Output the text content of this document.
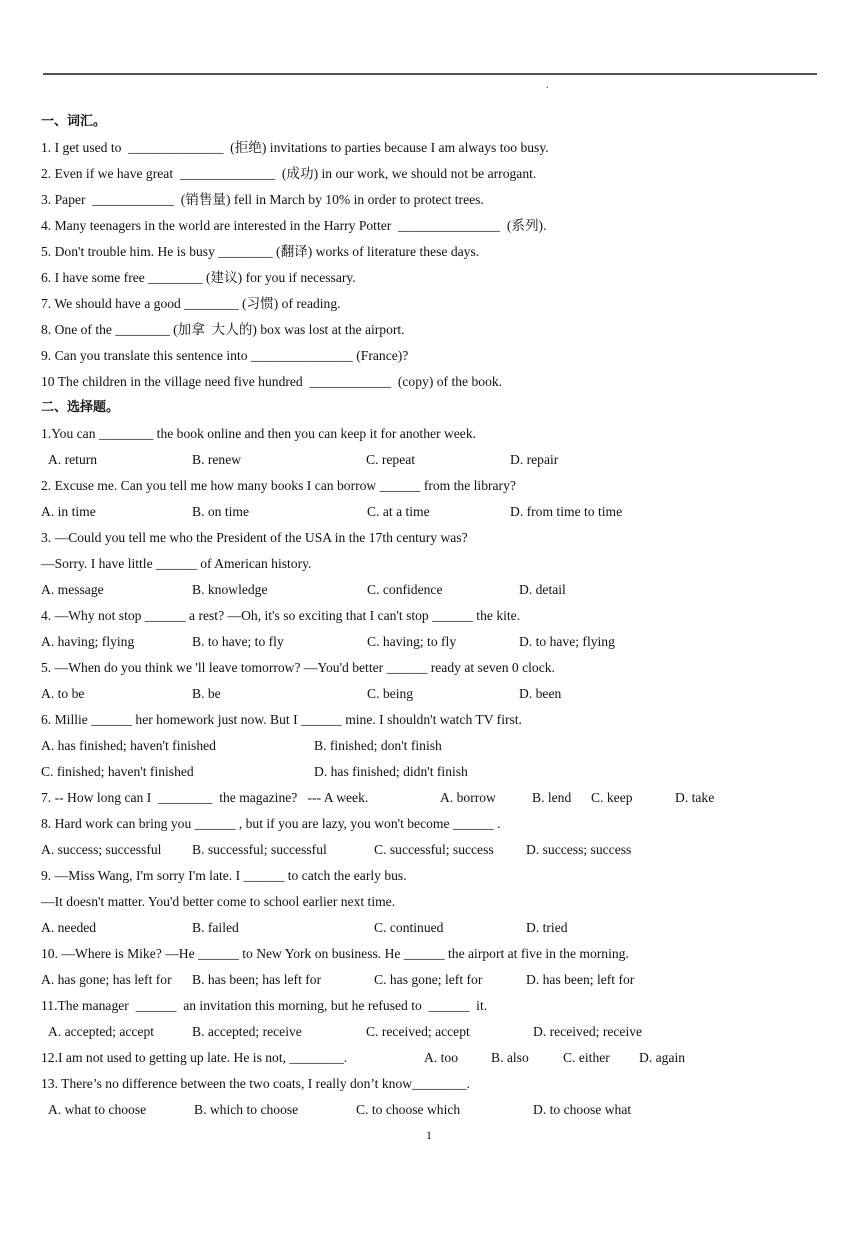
.
一、词汇。
1. I get used to  ______________  (拒绝) invitations to parties because I am always too busy.
2. Even if we have great  ______________  (成功) in our work, we should not be arrogant.
3. Paper  ____________  (销售量) fell in March by 10% in order to protect trees.
4. Many teenagers in the world are interested in the Harry Potter  _______________  (系列).
5. Don't trouble him. He is busy ________ (翻译) works of literature these days.
6. I have some free ________ (建议) for you if necessary.
7. We should have a good ________ (习惯) of reading.
8. One of the ________ (加拿  大人的) box was lost at the airport.
9. Can you translate this sentence into _______________ (France)?
10 The children in the village need five hundred  ____________  (copy) of the book.
二、选择题。
1.You can ________ the book online and then you can keep it for another week.

A. return

	B. renew

	C. repeat

	D. repair

2. Excuse me. Can you tell me how many books I can borrow ______ from the library?

A. in time

	B. on time

	C. at a time

	D. from time to time

3. —Could you tell me who the President of the USA in the 17th century was?
—Sorry. I have little ______ of American history.

A. message

	B. knowledge

	C. confidence

	D. detail

4. —Why not stop ______ a rest? —Oh, it's so exciting that I can't stop ______ the kite.

A. having; flying

	B. to have; to fly

	C. having; to fly

	D. to have; flying

5. —When do you think we 'll leave tomorrow? —You'd better ______ ready at seven 0 clock.

A. to be

	B. be

	C. being

	D. been

6. Millie ______ her homework just now. But I ______ mine. I shouldn't watch TV first.

A. has finished; haven't finished

	B. finished; don't finish

C. finished; haven't finished

	D. has finished; didn't finish

7. -- How long can I  ________  the magazine?   --- A week.

	A. borrow

	B. lend

C. keep

	D. take

8. Hard work can bring you ______ , but if you are lazy, you won't become ______ .

A. success; successful

B. successful; successful

	C. successful; success

D. success; success

9. —Miss Wang, I'm sorry I'm late. I ______ to catch the early bus.
—It doesn't matter. You'd better come to school earlier next time.

A. needed

	B. failed

	C. continued

	D. tried

10. —Where is Mike? —He ______ to New York on business. He ______ the airport at five in the morning.

A. has gone; has left for

B. has been; has left for

	C. has gone; left for

	D. has been; left for

11.The manager  ______  an invitation this morning, but he refused to  ______  it.

A. accepted; accept

	B. accepted; receive

	C. received; accept

	D. received; receive

12.I am not used to getting up late. He is not, ________.

	A. too

B. also

	C. either

D. again

13. There’s no difference between the two coats, I really don’t know________.

A. what to choose

	B. which to choose

	C. to choose which

	D. to choose what

1
